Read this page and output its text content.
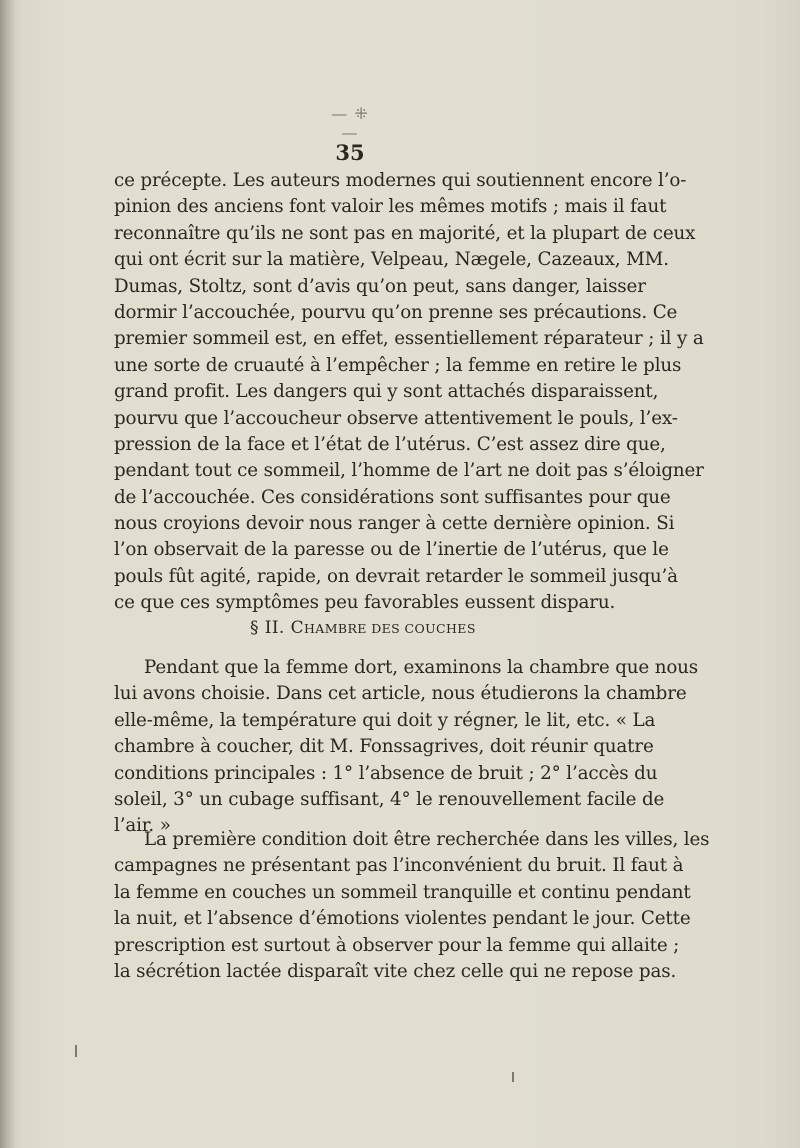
— ⁜ —
35
ce précepte. Les auteurs modernes qui soutiennent encore l’o-
pinion des anciens font valoir les mêmes motifs ; mais il faut
reconnaître qu’ils ne sont pas en majorité, et la plupart de ceux
qui ont écrit sur la matière, Velpeau, Nægele, Cazeaux, MM.
Dumas, Stoltz, sont d’avis qu’on peut, sans danger, laisser
dormir l’accouchée, pourvu qu’on prenne ses précautions. Ce
premier sommeil est, en effet, essentiellement réparateur ; il y a
une sorte de cruauté à l’empêcher ; la femme en retire le plus
grand profit. Les dangers qui y sont attachés disparaissent,
pourvu que l’accoucheur observe attentivement le pouls, l’ex-
pression de la face et l’état de l’utérus. C’est assez dire que,
pendant tout ce sommeil, l’homme de l’art ne doit pas s’éloigner
de l’accouchée. Ces considérations sont suffisantes pour que
nous croyions devoir nous ranger à cette dernière opinion. Si
l’on observait de la paresse ou de l’inertie de l’utérus, que le
pouls fût agité, rapide, on devrait retarder le sommeil jusqu’à
ce que ces symptômes peu favorables eussent disparu.
§ II. CHAMBRE DES COUCHES
Pendant que la femme dort, examinons la chambre que nous
lui avons choisie. Dans cet article, nous étudierons la chambre
elle-même, la température qui doit y régner, le lit, etc. « La
chambre à coucher, dit M. Fonssagrives, doit réunir quatre
conditions principales : 1° l’absence de bruit ; 2° l’accès du
soleil, 3° un cubage suffisant, 4° le renouvellement facile de
l’air. »
La première condition doit être recherchée dans les villes, les
campagnes ne présentant pas l’inconvénient du bruit. Il faut à
la femme en couches un sommeil tranquille et continu pendant
la nuit, et l’absence d’émotions violentes pendant le jour. Cette
prescription est surtout à observer pour la femme qui allaite ;
la sécrétion lactée disparaît vite chez celle qui ne repose pas.
